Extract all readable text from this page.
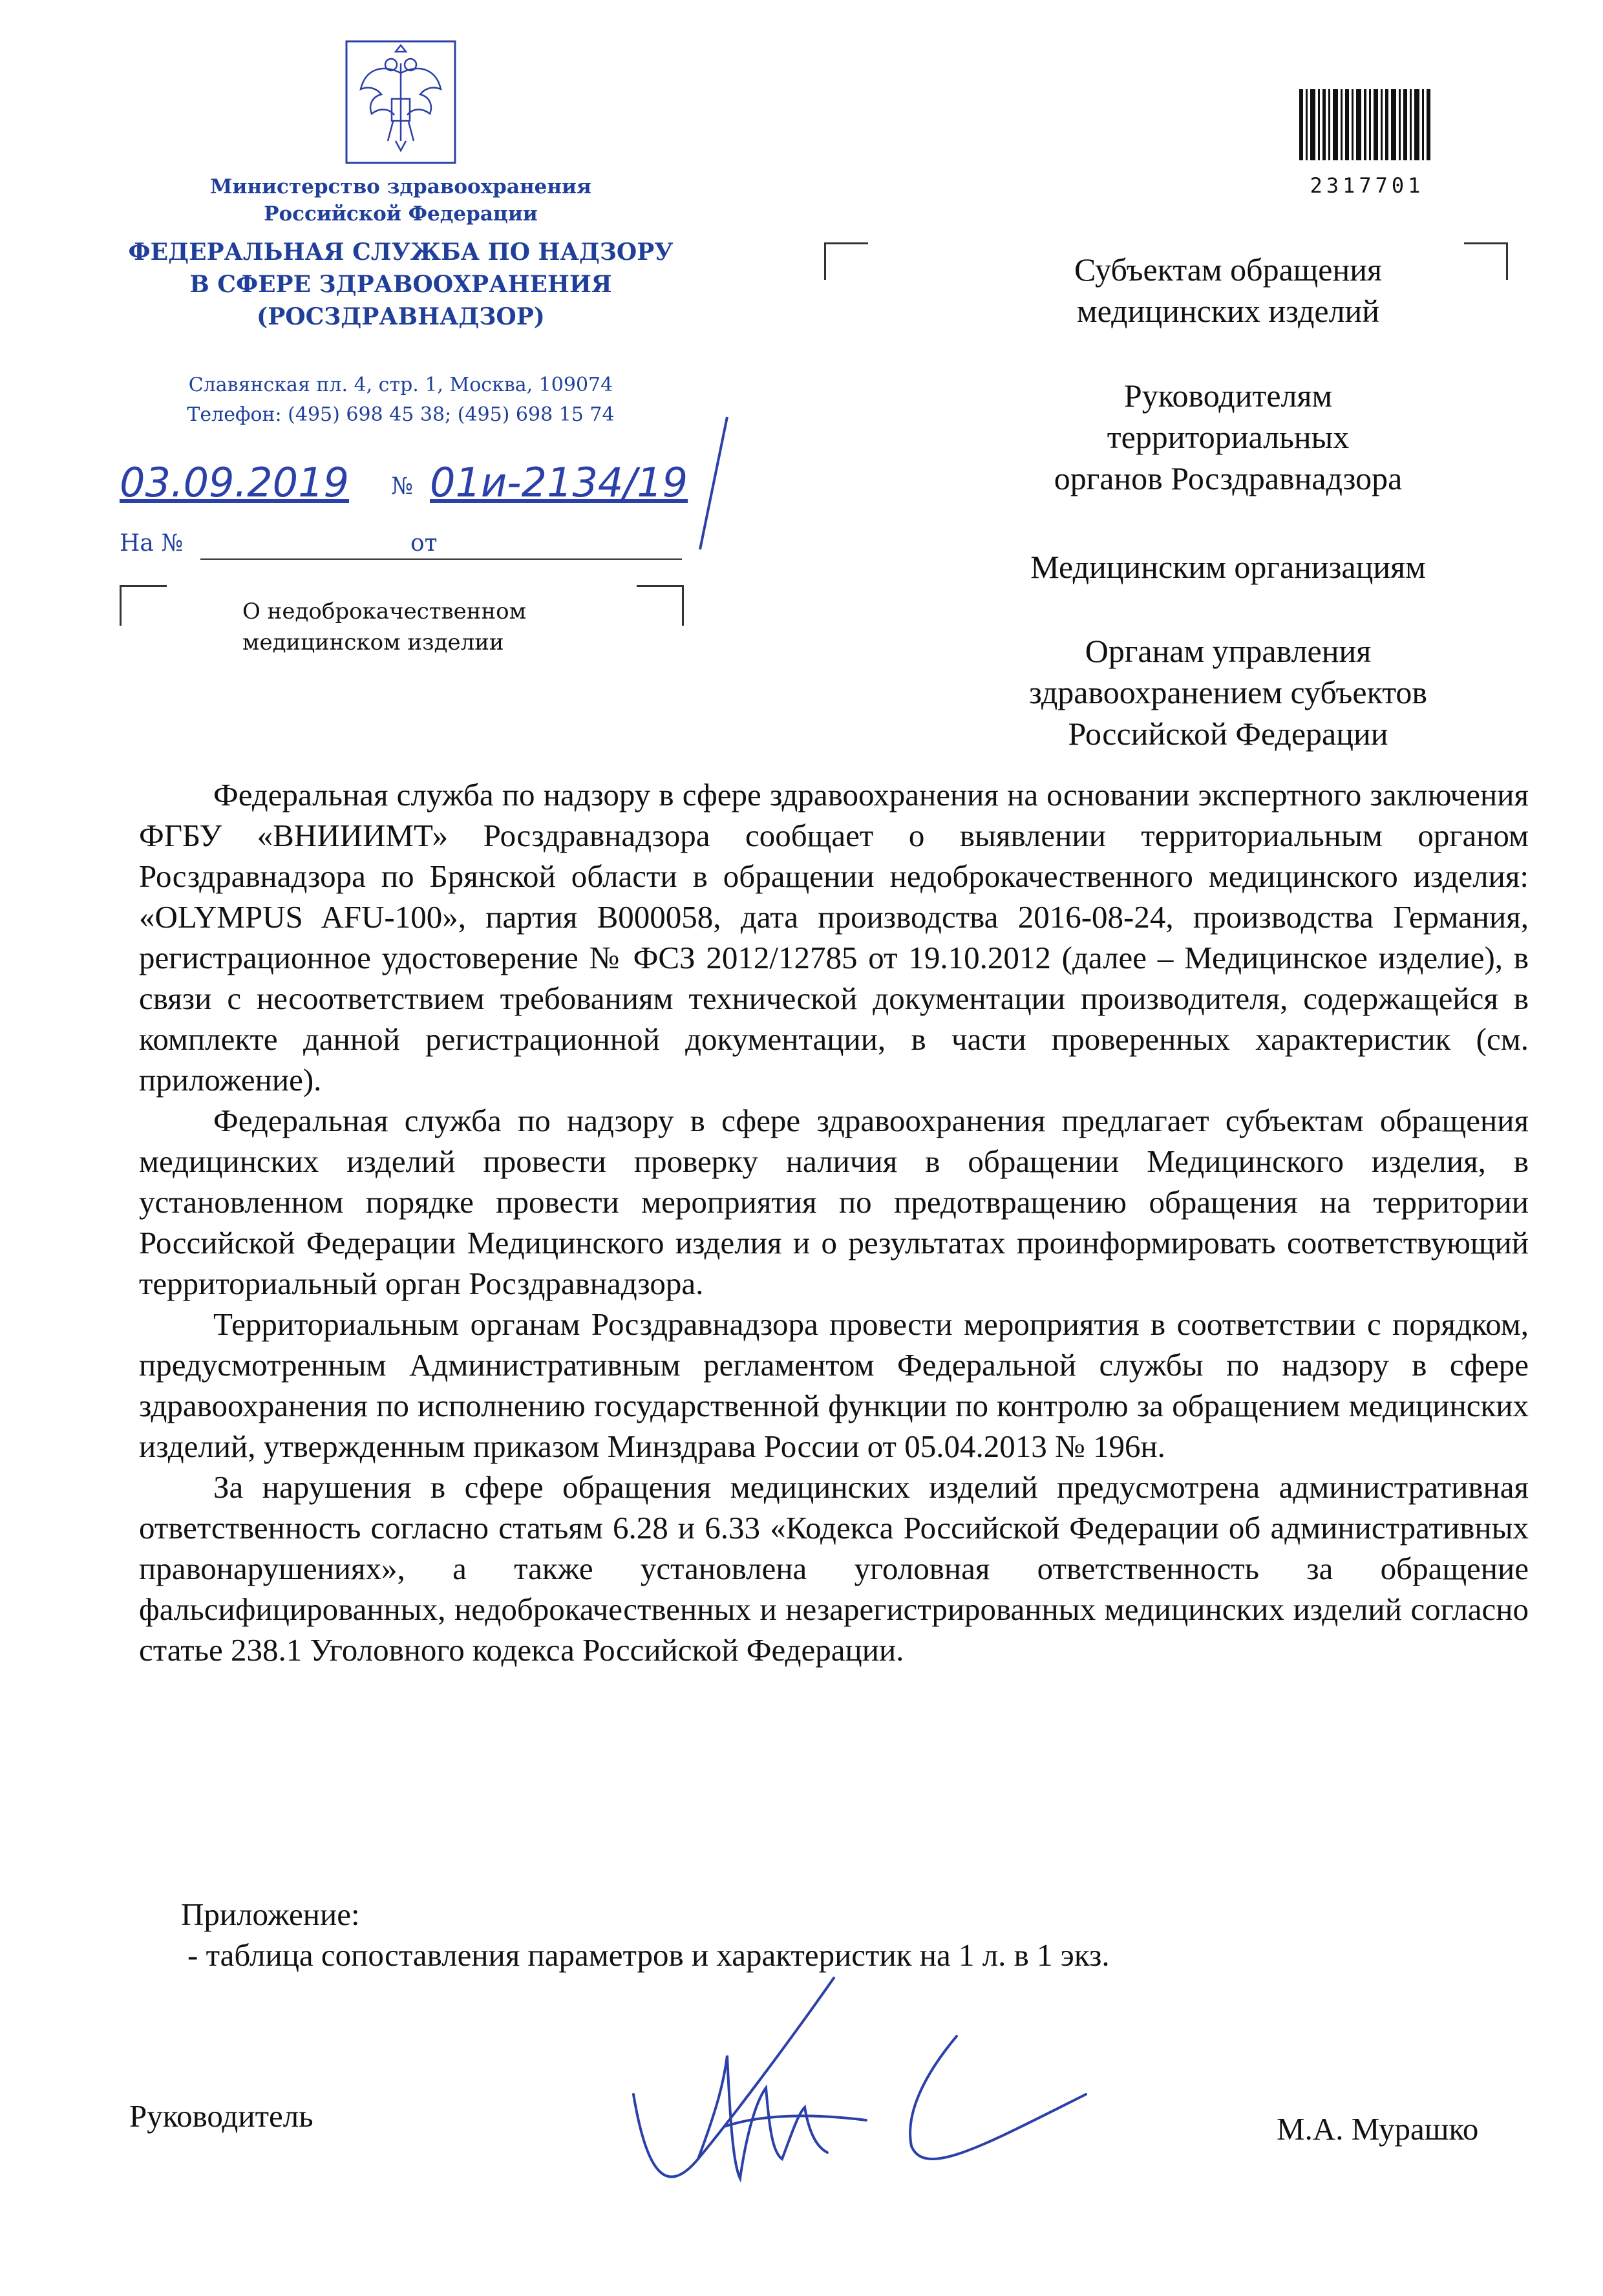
Министерство здравоохранения
Российской Федерации
ФЕДЕРАЛЬНАЯ СЛУЖБА ПО НАДЗОРУ
В СФЕРЕ ЗДРАВООХРАНЕНИЯ
(РОСЗДРАВНАДЗОР)
Славянская пл. 4, стр. 1, Москва, 109074
Телефон: (495) 698 45 38; (495) 698 15 74
2317701
03.09.2019 № 01и-2134/19
На №	от
О недоброкачественном
медицинском изделии
Субъектам обращения
медицинских изделий
Руководителям
территориальных
органов Росздравнадзора
Медицинским организациям
Органам управления
здравоохранением субъектов
Российской Федерации

Федеральная служба по надзору в сфере здравоохранения на основании экспертного заключения ФГБУ «ВНИИИМТ» Росздравнадзора сообщает о выявлении территориальным органом Росздравнадзора по Брянской области в обращении недоброкачественного медицинского изделия: «OLYMPUS AFU-100», партия B000058, дата производства 2016-08-24, производства Германия, регистрационное удостоверение № ФСЗ 2012/12785 от 19.10.2012 (далее – Медицинское изделие), в связи с несоответствием требованиям технической документации производителя, содержащейся в комплекте данной регистрационной документации, в части проверенных характеристик (см. приложение).

Федеральная служба по надзору в сфере здравоохранения предлагает субъектам обращения медицинских изделий провести проверку наличия в обращении Медицинского изделия, в установленном порядке провести мероприятия по предотвращению обращения на территории Российской Федерации Медицинского изделия и о результатах проинформировать соответствующий территориальный орган Росздравнадзора.

Территориальным органам Росздравнадзора провести мероприятия в соответствии с порядком, предусмотренным Административным регламентом Федеральной службы по надзору в сфере здравоохранения по исполнению государственной функции по контролю за обращением медицинских изделий, утвержденным приказом Минздрава России от 05.04.2013 № 196н.

За нарушения в сфере обращения медицинских изделий предусмотрена административная ответственность согласно статьям 6.28 и 6.33 «Кодекса Российской Федерации об административных правонарушениях», а также установлена уголовная ответственность за обращение фальсифицированных, недоброкачественных и незарегистрированных медицинских изделий согласно статье 238.1 Уголовного кодекса Российской Федерации.

Приложение:
- таблица сопоставления параметров и характеристик на 1 л. в 1 экз.
Руководитель	М.А. Мурашко
